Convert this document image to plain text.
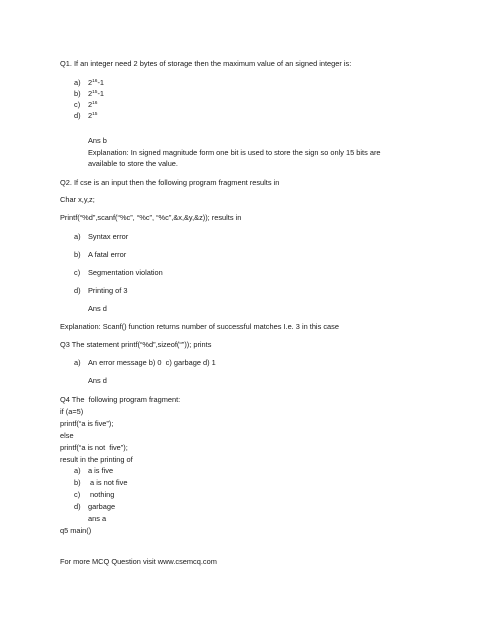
Q1. If an integer need 2 bytes of storage then the maximum value of an signed integer is:
a) $2^{16}-1$
b) $2^{15}-1$
c) $2^{16}$
d) $2^{15}$
Ans b
Explanation: In signed magnitude form one bit is used to store the sign so only 15 bits are
available to store the value.
Q2. If cse is an input then the following program fragment results in
Char x,y,z;
Printf(“%d”,scanf(“%c”, “%c”, “%c”,&x,&y,&z)); results in
a) Syntax error
b) A fatal error
c) Segmentation violation
d) Printing of 3
Ans d
Explanation: Scanf() function returns number of successful matches I.e. 3 in this case
Q3 The statement printf(“%d”,sizeof(“”)); prints
a) An error message b) 0  c) garbage d) 1
Ans d
Q4 The  following program fragment:
if (a=5)
printf(“a is five”);
else
printf(“a is not  five”);
result in the printing of
a) a is five
b) a is not five
c) nothing
d) garbage
ans a
q5 main()
For more MCQ Question visit www.csemcq.com
